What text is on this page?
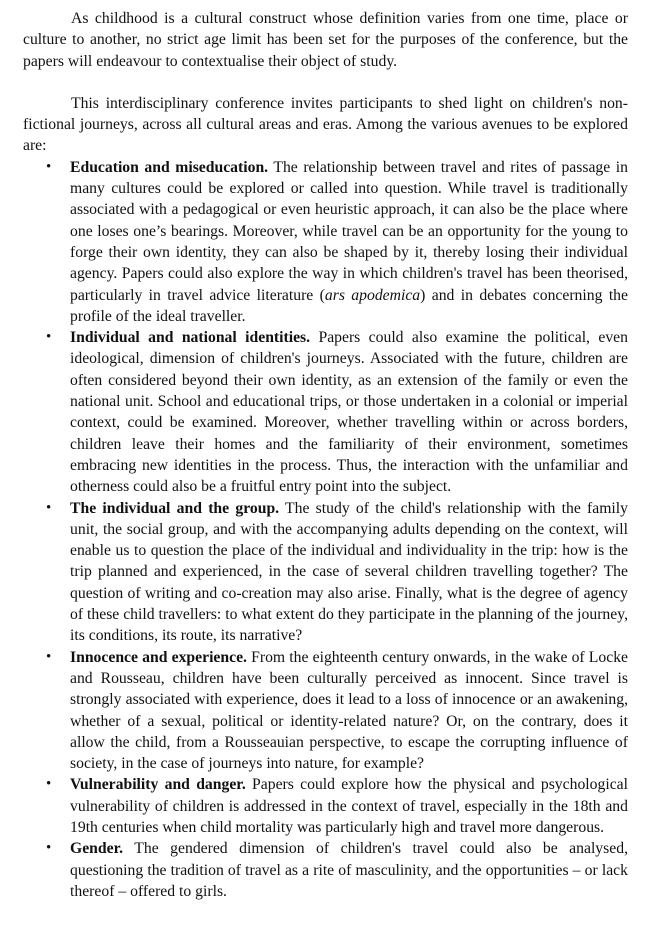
As childhood is a cultural construct whose definition varies from one time, place or culture to another, no strict age limit has been set for the purposes of the conference, but the papers will endeavour to contextualise their object of study.

This interdisciplinary conference invites participants to shed light on children's non-fictional journeys, across all cultural areas and eras. Among the various avenues to be explored are:

• Education and miseducation. The relationship between travel and rites of passage in many cultures could be explored or called into question. While travel is traditionally associated with a pedagogical or even heuristic approach, it can also be the place where one loses one’s bearings. Moreover, while travel can be an opportunity for the young to forge their own identity, they can also be shaped by it, thereby losing their individual agency. Papers could also explore the way in which children's travel has been theorised, particularly in travel advice literature (ars apodemica) and in debates concerning the profile of the ideal traveller.
• Individual and national identities. Papers could also examine the political, even ideological, dimension of children's journeys. Associated with the future, children are often considered beyond their own identity, as an extension of the family or even the national unit. School and educational trips, or those undertaken in a colonial or imperial context, could be examined. Moreover, whether travelling within or across borders, children leave their homes and the familiarity of their environment, sometimes embracing new identities in the process. Thus, the interaction with the unfamiliar and otherness could also be a fruitful entry point into the subject.
• The individual and the group. The study of the child's relationship with the family unit, the social group, and with the accompanying adults depending on the context, will enable us to question the place of the individual and individuality in the trip: how is the trip planned and experienced, in the case of several children travelling together? The question of writing and co-creation may also arise. Finally, what is the degree of agency of these child travellers: to what extent do they participate in the planning of the journey, its conditions, its route, its narrative?
• Innocence and experience. From the eighteenth century onwards, in the wake of Locke and Rousseau, children have been culturally perceived as innocent. Since travel is strongly associated with experience, does it lead to a loss of innocence or an awakening, whether of a sexual, political or identity-related nature? Or, on the contrary, does it allow the child, from a Rousseauian perspective, to escape the corrupting influence of society, in the case of journeys into nature, for example?
• Vulnerability and danger. Papers could explore how the physical and psychological vulnerability of children is addressed in the context of travel, especially in the 18th and 19th centuries when child mortality was particularly high and travel more dangerous.
• Gender. The gendered dimension of children's travel could also be analysed, questioning the tradition of travel as a rite of masculinity, and the opportunities – or lack thereof – offered to girls.
